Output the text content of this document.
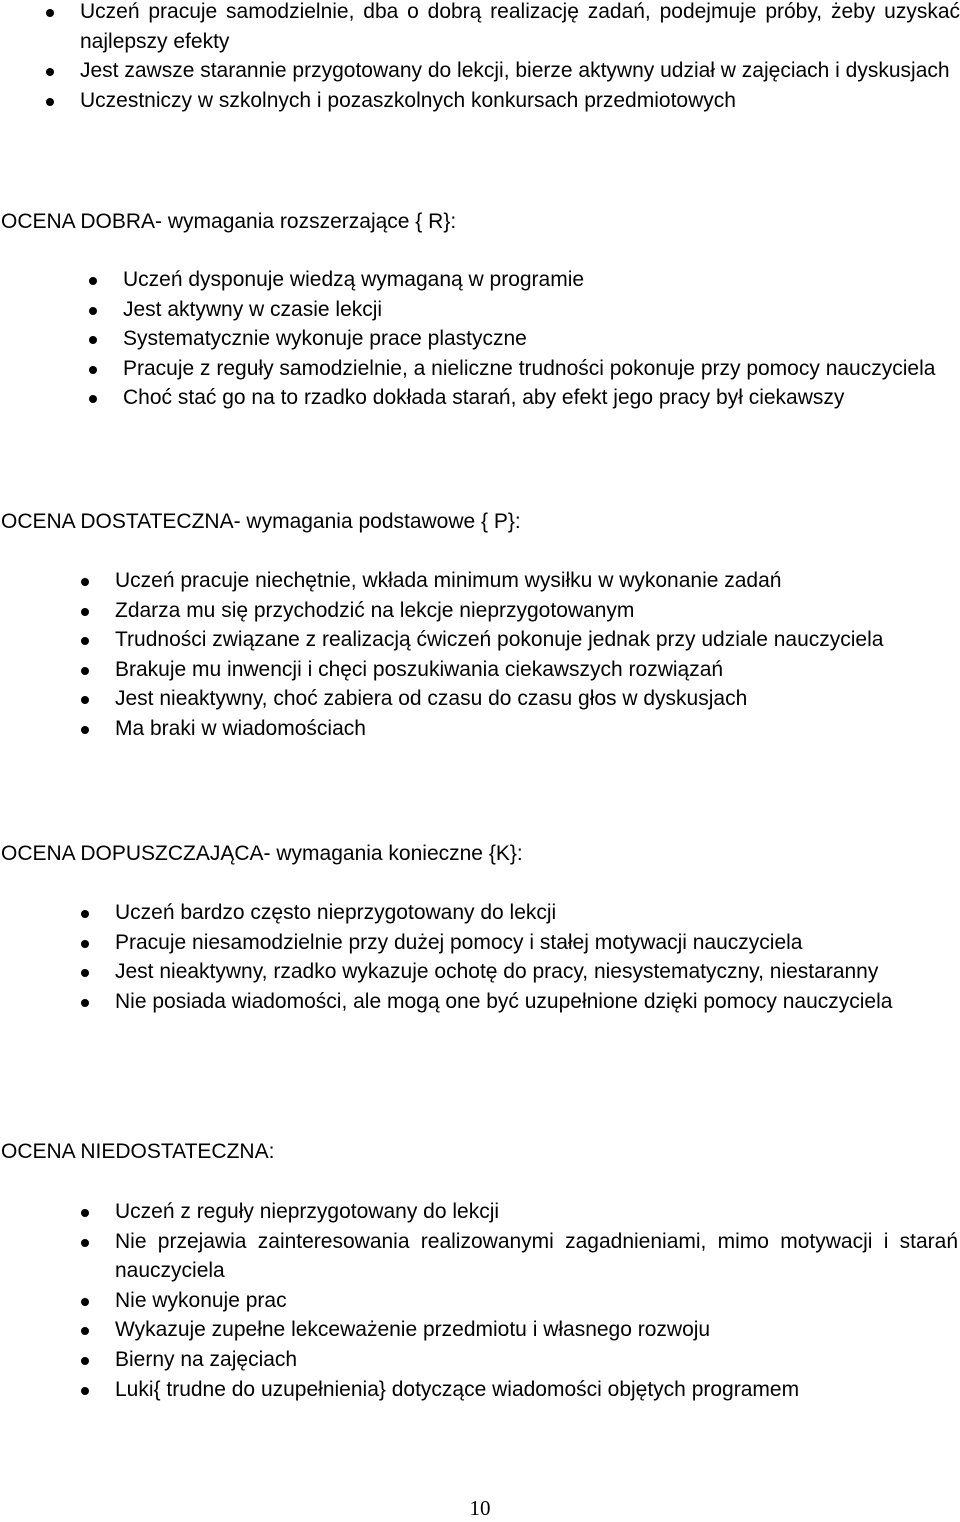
Uczeń pracuje samodzielnie, dba o dobrą realizację zadań, podejmuje próby, żeby uzyskać najlepszy efekty
Jest zawsze starannie przygotowany do lekcji, bierze aktywny udział w zajęciach i dyskusjach
Uczestniczy w szkolnych i pozaszkolnych konkursach przedmiotowych
OCENA DOBRA- wymagania rozszerzające { R}:
Uczeń dysponuje wiedzą wymaganą w programie
Jest aktywny w czasie lekcji
Systematycznie wykonuje prace plastyczne
Pracuje z reguły samodzielnie, a nieliczne trudności pokonuje przy pomocy nauczyciela
Choć stać go na to rzadko dokłada starań, aby efekt jego pracy był ciekawszy
OCENA DOSTATECZNA- wymagania podstawowe { P}:
Uczeń pracuje niechętnie, wkłada minimum wysiłku w wykonanie zadań
Zdarza mu się przychodzić na lekcje nieprzygotowanym
Trudności związane z realizacją ćwiczeń pokonuje jednak przy udziale nauczyciela
Brakuje mu inwencji i chęci poszukiwania ciekawszych rozwiązań
Jest nieaktywny, choć zabiera od czasu do czasu głos w dyskusjach
Ma braki w wiadomościach
OCENA DOPUSZCZAJĄCA- wymagania konieczne {K}:
Uczeń bardzo często nieprzygotowany do lekcji
Pracuje niesamodzielnie przy dużej pomocy i stałej motywacji nauczyciela
Jest nieaktywny, rzadko wykazuje ochotę do pracy, niesystematyczny, niestaranny
Nie posiada wiadomości, ale mogą one być uzupełnione dzięki pomocy nauczyciela
OCENA NIEDOSTATECZNA:
Uczeń z reguły nieprzygotowany do lekcji
Nie przejawia zainteresowania realizowanymi zagadnieniami, mimo motywacji i starań nauczyciela
Nie wykonuje prac
Wykazuje zupełne lekceważenie przedmiotu i własnego rozwoju
Bierny na zajęciach
Luki{ trudne do uzupełnienia} dotyczące wiadomości objętych programem
10
